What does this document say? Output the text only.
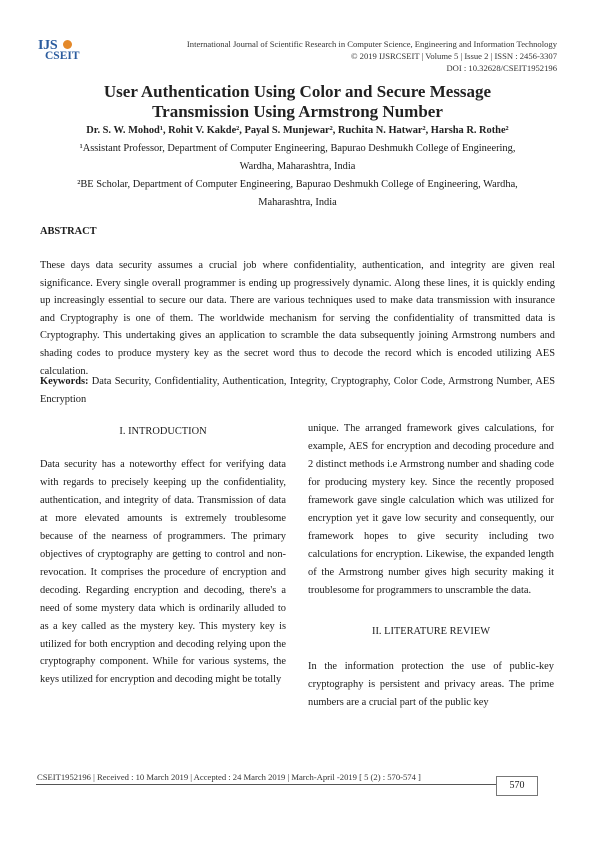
IJS
CSEIT
International Journal of Scientific Research in Computer Science, Engineering and Information Technology
© 2019 IJSRCSEIT | Volume 5 | Issue 2 | ISSN : 2456-3307
DOI : 10.32628/CSEIT1952196
User Authentication Using Color and Secure Message
Transmission Using Armstrong Number
Dr. S. W. Mohod¹, Rohit V. Kakde², Payal S. Munjewar², Ruchita N. Hatwar², Harsha R. Rothe²
¹Assistant Professor, Department of Computer Engineering, Bapurao Deshmukh College of Engineering,
Wardha, Maharashtra, India
²BE Scholar, Department of Computer Engineering, Bapurao Deshmukh College of Engineering, Wardha,
Maharashtra, India
ABSTRACT

These days data security assumes a crucial job where confidentiality, authentication, and integrity are given real significance. Every single overall programmer is ending up progressively dynamic. Along these lines, it is quickly ending up increasingly essential to secure our data. There are various techniques used to make data transmission with insurance and Cryptography is one of them. The worldwide mechanism for serving the confidentiality of transmitted data is Cryptography. This undertaking gives an application to scramble the data subsequently joining Armstrong numbers and shading codes to produce mystery key as the secret word thus to decode the record which is encoded utilizing AES calculation.

Keywords: Data Security, Confidentiality, Authentication, Integrity, Cryptography, Color Code, Armstrong Number, AES Encryption

I. INTRODUCTION

Data security has a noteworthy effect for verifying data with regards to precisely keeping up the confidentiality, authentication, and integrity of data. Transmission of data at more elevated amounts is extremely troublesome because of the nearness of programmers. The primary objectives of cryptography are getting to control and non-revocation. It comprises the procedure of encryption and decoding. Regarding encryption and decoding, there's a need of some mystery data which is ordinarily alluded to as a key called as the mystery key. This mystery key is utilized for both encryption and decoding relying upon the cryptography component. While for various systems, the keys utilized for encryption and decoding might be totally

unique. The arranged framework gives calculations, for example, AES for encryption and decoding procedure and 2 distinct methods i.e Armstrong number and shading code for producing mystery key. Since the recently proposed framework gave single calculation which was utilized for encryption yet it gave low security and consequently, our framework hopes to give security including two calculations for encryption. Likewise, the expanded length of the Armstrong number gives high security making it troublesome for programmers to unscramble the data.

II. LITERATURE REVIEW

In the information protection the use of public-key cryptography is persistent and privacy areas. The prime numbers are a crucial part of the public key

CSEIT1952196 | Received : 10 March 2019 | Accepted : 24 March 2019 | March-April -2019 [ 5 (2) : 570-574 ]
570
